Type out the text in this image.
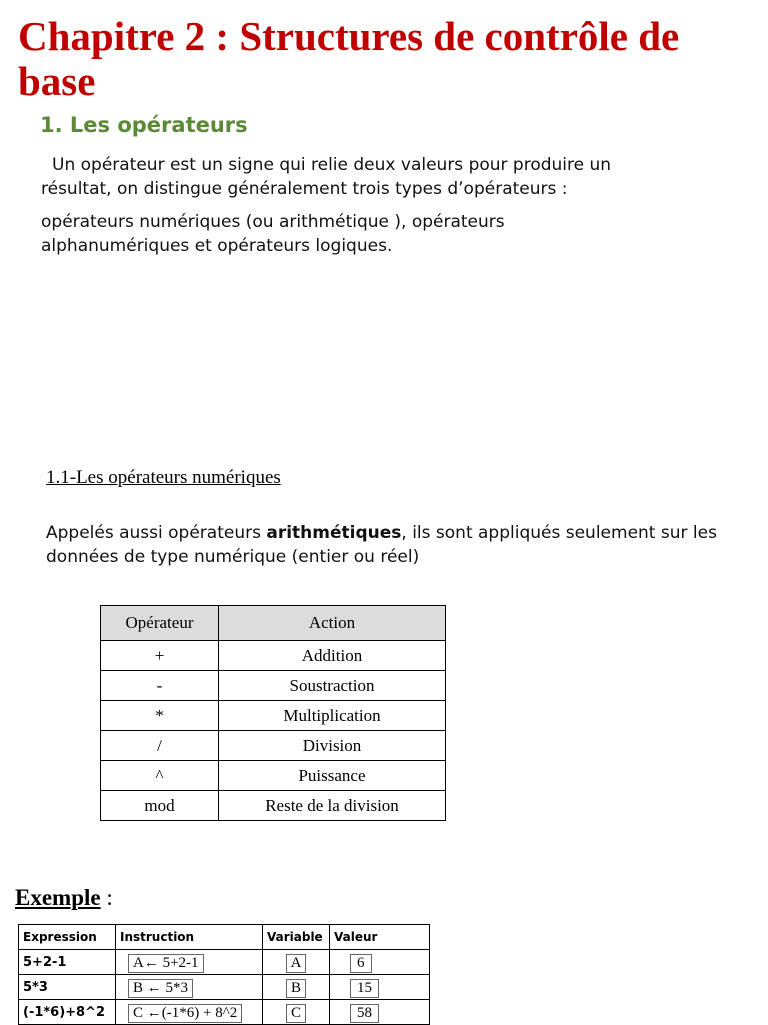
Chapitre 2 : Structures de contrôle de base
1. Les opérateurs
Un opérateur est un signe qui relie deux valeurs pour produire un résultat, on distingue généralement trois types d’opérateurs :
opérateurs numériques (ou arithmétique ), opérateurs alphanumériques et opérateurs logiques.
1.1-Les opérateurs numériques
Appelés aussi opérateurs arithmétiques, ils sont appliqués seulement sur les données de type numérique (entier ou réel)
Opérateur	Action
+	Addition
-	Soustraction
*	Multiplication
/	Division
^	Puissance
mod	Reste de la division
Exemple :
Expression	Instruction	Variable	Valeur
5+2-1	A← 5+2-1	A	6
5*3	B ← 5*3	B	15
(-1*6)+8^2	C ←(-1*6) + 8^2	C	58
